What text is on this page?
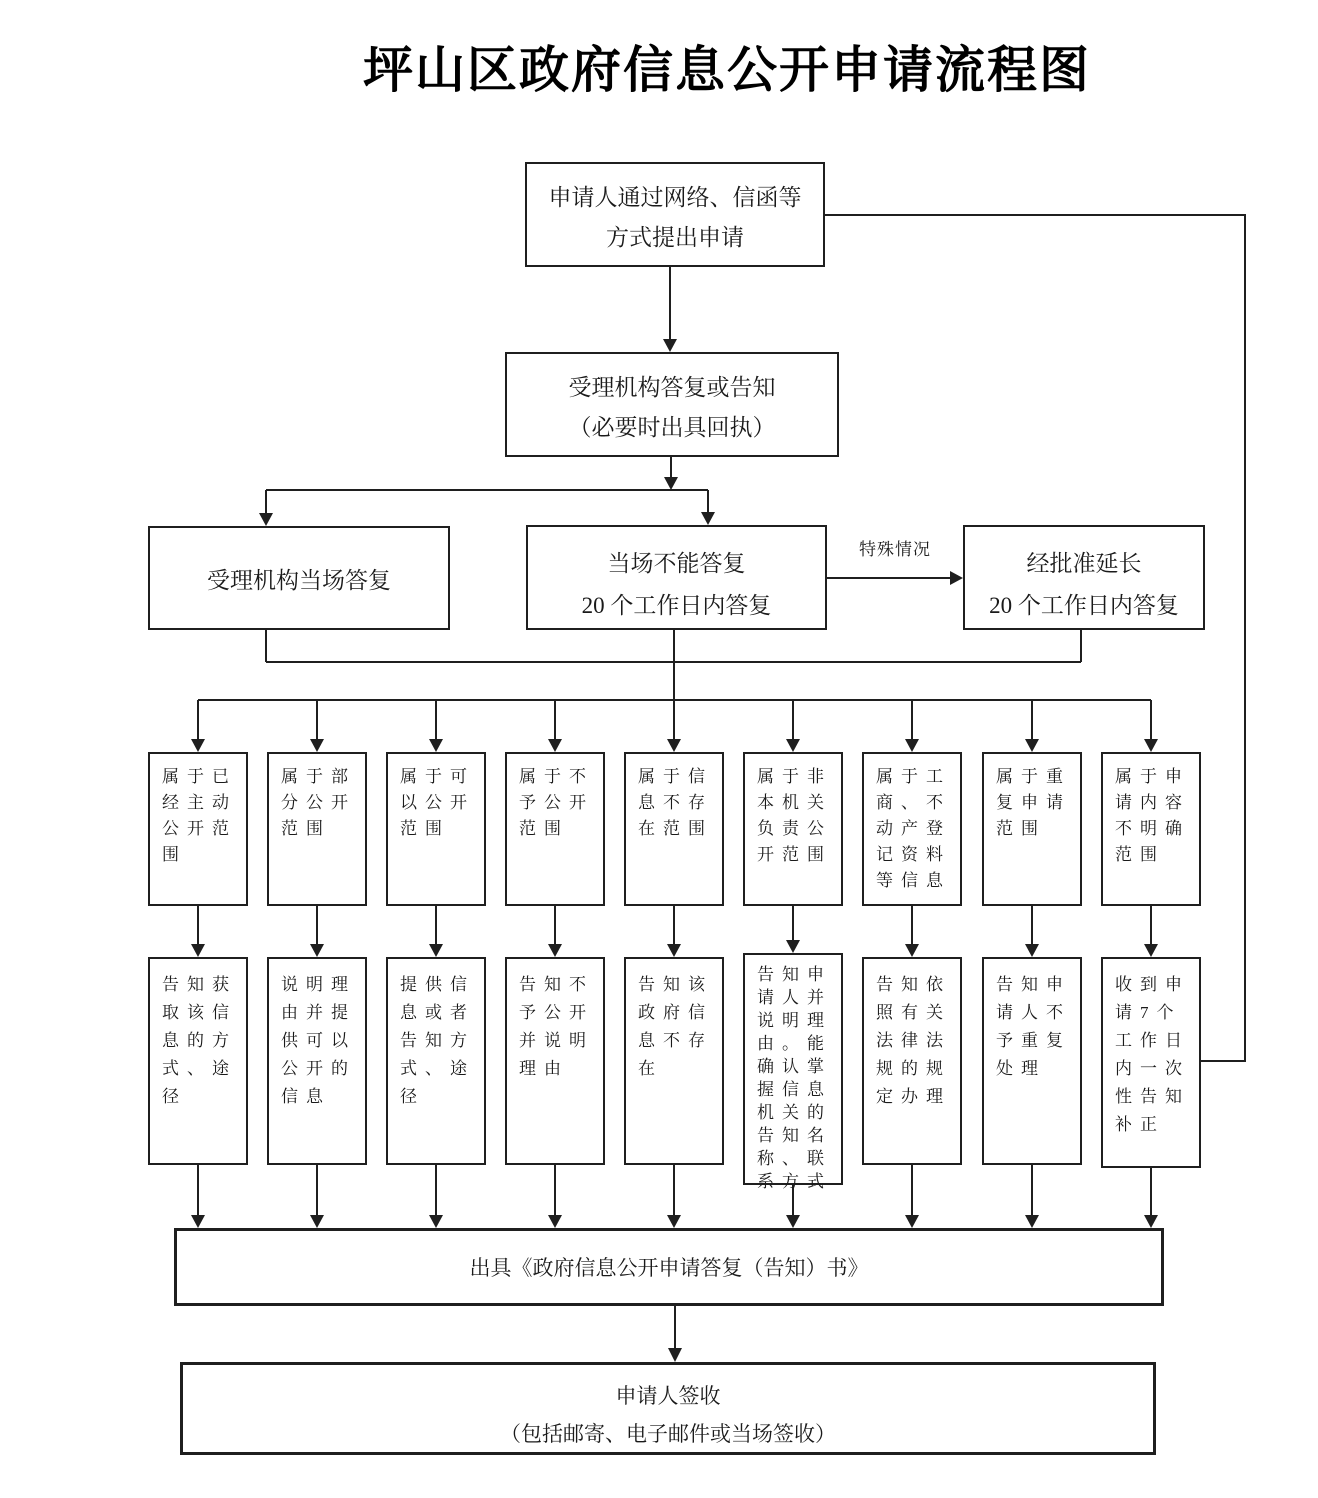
坪山区政府信息公开申请流程图
申请人通过网络、信函等
方式提出申请
受理机构答复或告知
（必要时出具回执）
受理机构当场答复
当场不能答复
20 个工作日内答复
特殊情况
经批准延长
20 个工作日内答复
属于已经主动公开范围
属于部分公开范围
属于可以公开范围
属于不予公开范围
属于信息不存在范围
属于非本机关负责公开范围
属于工商、不动产登记资料等信息
属于重复申请范围
属于申请内容不明确范围
告知获取该信息的方式、途径
说明理由并提供可以公开的信息
提供信息或者告知方式、途径
告知不予公开并说明理由
告知该政府信息不存在
告知申请人并说明理由。能确认掌握信息机关的告知名称、联系方式
告知依照有关法律法规的规定办理
告知申请人不予重复处理
收到申请7个工作日内一次性告知补正
出具《政府信息公开申请答复（告知）书》
申请人签收
（包括邮寄、电子邮件或当场签收）
